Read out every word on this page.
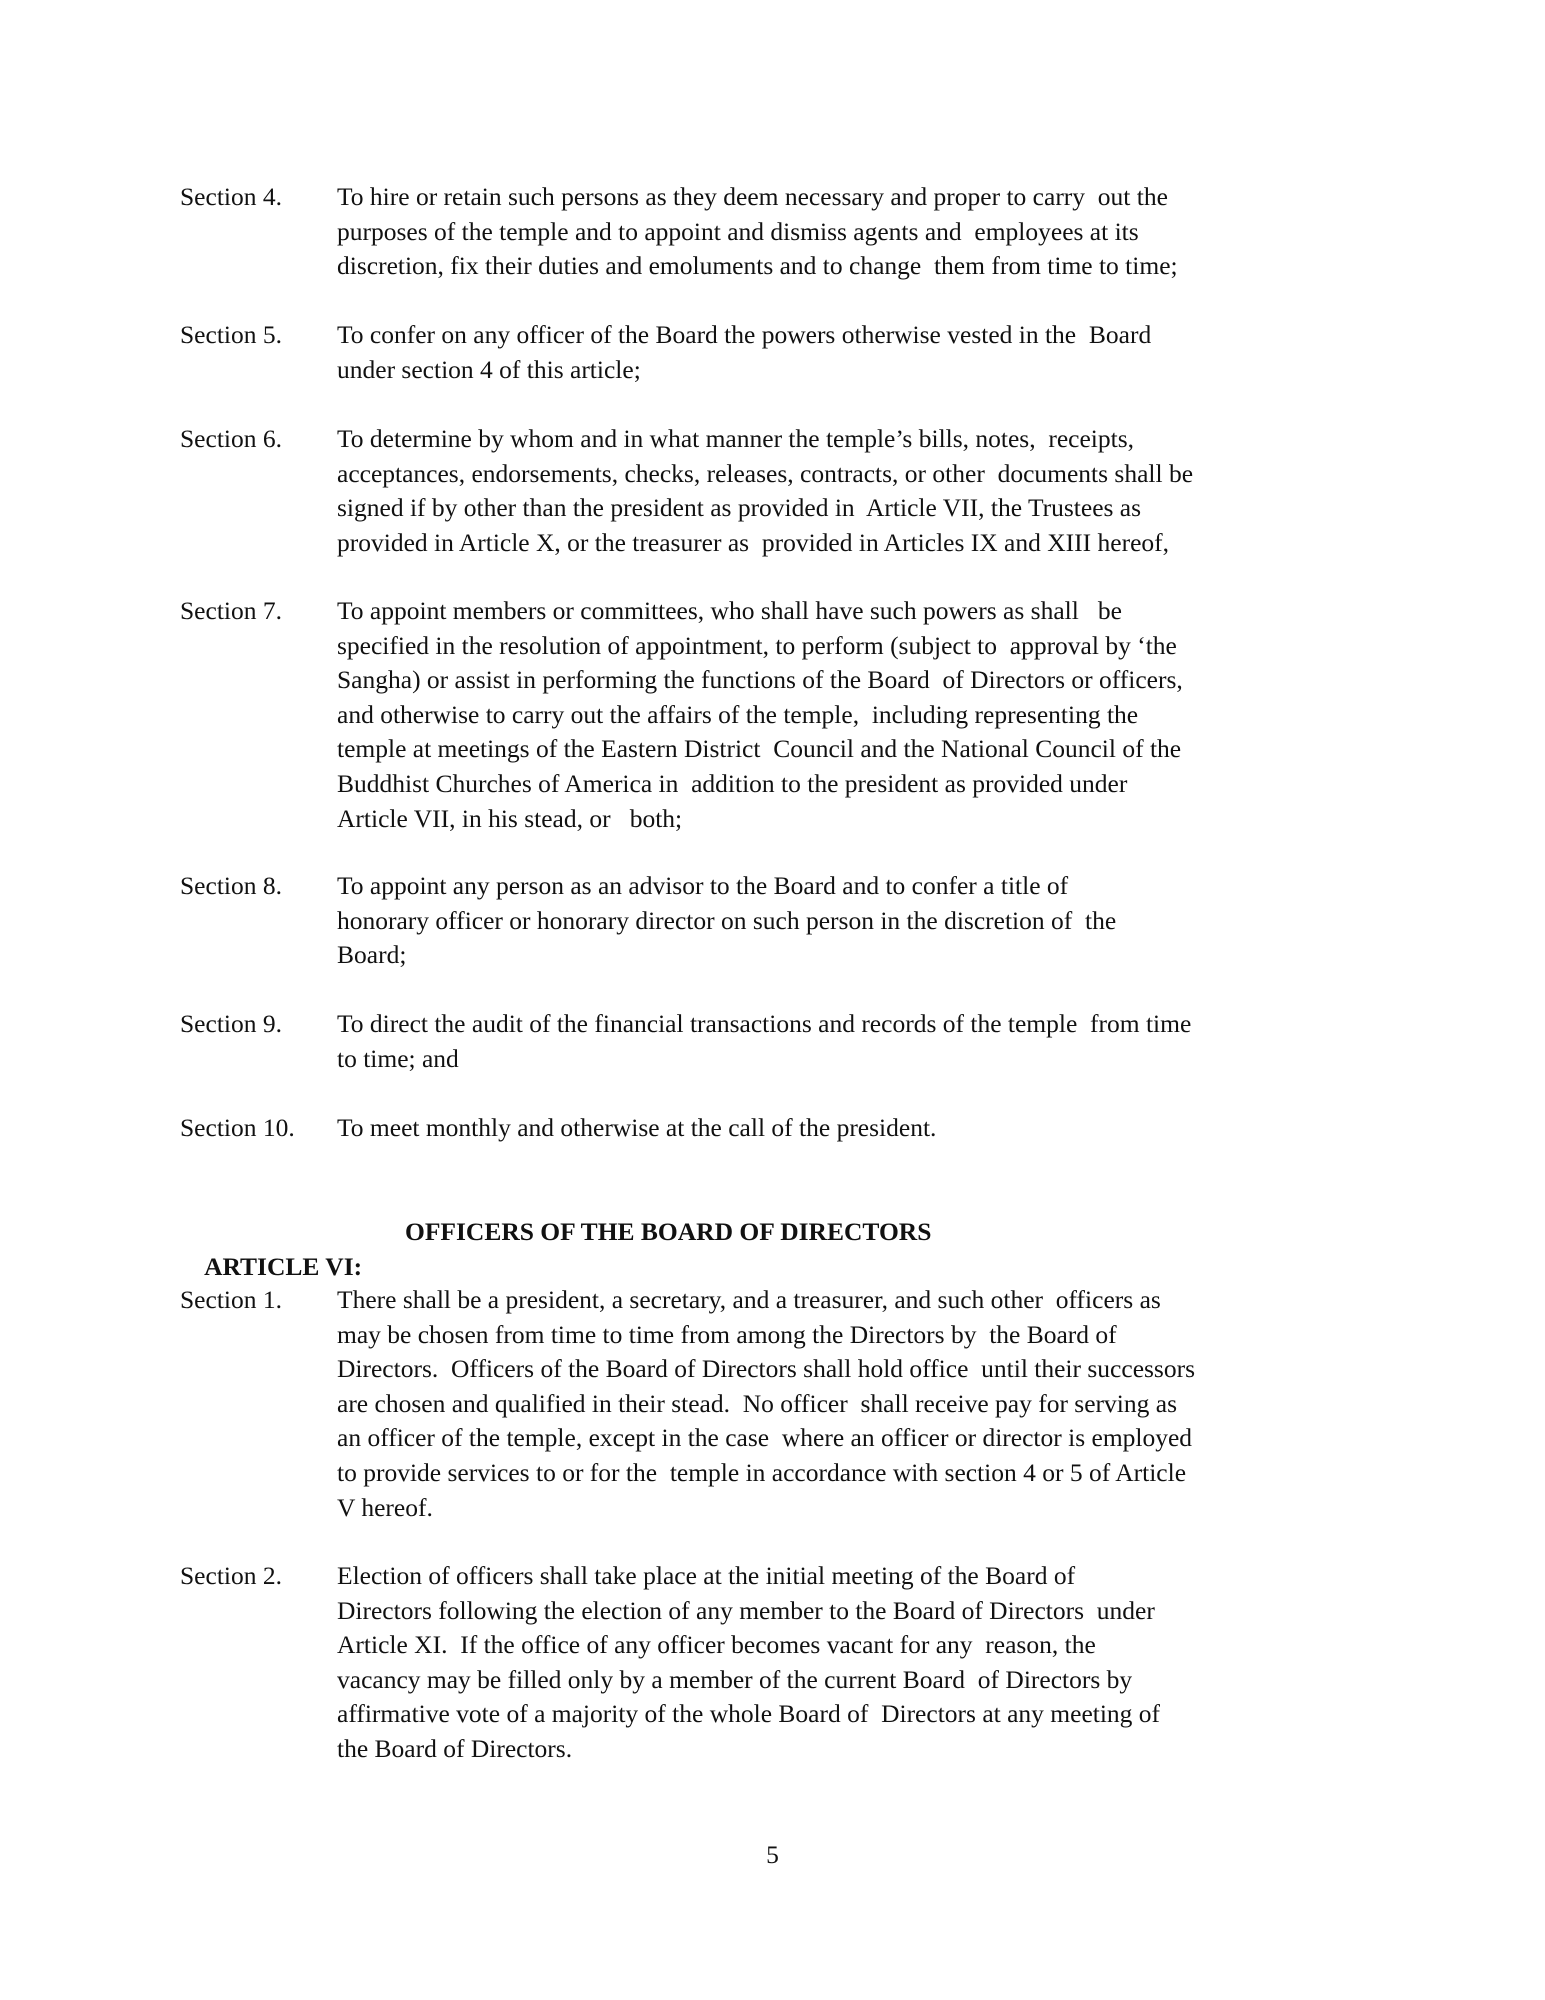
Section 4. To hire or retain such persons as they deem necessary and proper to carry  out the
purposes of the temple and to appoint and dismiss agents and  employees at its
discretion, fix their duties and emoluments and to change  them from time to time;
Section 5. To confer on any officer of the Board the powers otherwise vested in the  Board
under section 4 of this article;
Section 6. To determine by whom and in what manner the temple’s bills, notes,  receipts,
acceptances, endorsements, checks, releases, contracts, or other  documents shall be
signed if by other than the president as provided in  Article VII, the Trustees as
provided in Article X, or the treasurer as  provided in Articles IX and XIII hereof,
Section 7. To appoint members or committees, who shall have such powers as shall   be
specified in the resolution of appointment, to perform (subject to  approval by ‘the
Sangha) or assist in performing the functions of the Board  of Directors or officers,
and otherwise to carry out the affairs of the temple,  including representing the
temple at meetings of the Eastern District  Council and the National Council of the
Buddhist Churches of America in  addition to the president as provided under
Article VII, in his stead, or   both;
Section 8. To appoint any person as an advisor to the Board and to confer a title of
honorary officer or honorary director on such person in the discretion of  the
Board;
Section 9. To direct the audit of the financial transactions and records of the temple  from time
to time; and
Section 10. To meet monthly and otherwise at the call of the president.

ARTICLE VI:

OFFICERS OF THE BOARD OF DIRECTORS

Section 1. There shall be a president, a secretary, and a treasurer, and such other  officers as
may be chosen from time to time from among the Directors by  the Board of
Directors.  Officers of the Board of Directors shall hold office  until their successors
are chosen and qualified in their stead.  No officer  shall receive pay for serving as
an officer of the temple, except in the case  where an officer or director is employed
to provide services to or for the  temple in accordance with section 4 or 5 of Article
V hereof.
Section 2. Election of officers shall take place at the initial meeting of the Board of
Directors following the election of any member to the Board of Directors  under
Article XI.  If the office of any officer becomes vacant for any  reason, the
vacancy may be filled only by a member of the current Board  of Directors by
affirmative vote of a majority of the whole Board of  Directors at any meeting of
the Board of Directors.
5
